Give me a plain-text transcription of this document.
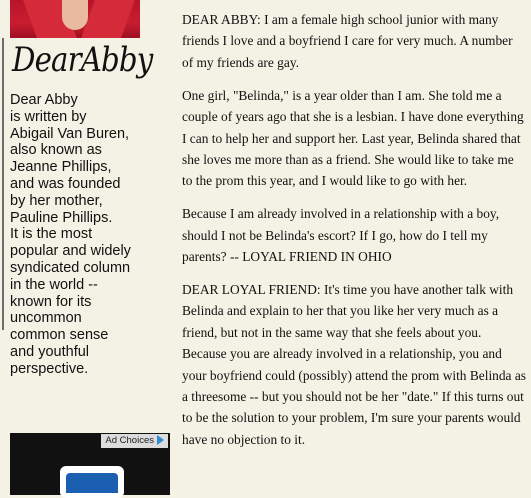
DearAbby

Dear Abby
is written by
Abigail Van Buren,
also known as
Jeanne Phillips,
and was founded
by her mother,
Pauline Phillips.
It is the most
popular and widely
syndicated column
in the world --
known for its
uncommon
common sense
and youthful
perspective.

Ad Choices

DEAR ABBY: I am a female high school junior with many friends I love and a boyfriend I care for very much. A number of my friends are gay.

One girl, "Belinda," is a year older than I am. She told me a couple of years ago that she is a lesbian. I have done everything I can to help her and support her. Last year, Belinda shared that she loves me more than as a friend. She would like to take me to the prom this year, and I would like to go with her.

Because I am already involved in a relationship with a boy, should I not be Belinda's escort? If I go, how do I tell my parents? -- LOYAL FRIEND IN OHIO

DEAR LOYAL FRIEND: It's time you have another talk with Belinda and explain to her that you like her very much as a friend, but not in the same way that she feels about you. Because you are already involved in a relationship, you and your boyfriend could (possibly) attend the prom with Belinda as a threesome -- but you should not be her "date." If this turns out to be the solution to your problem, I'm sure your parents would have no objection to it.
